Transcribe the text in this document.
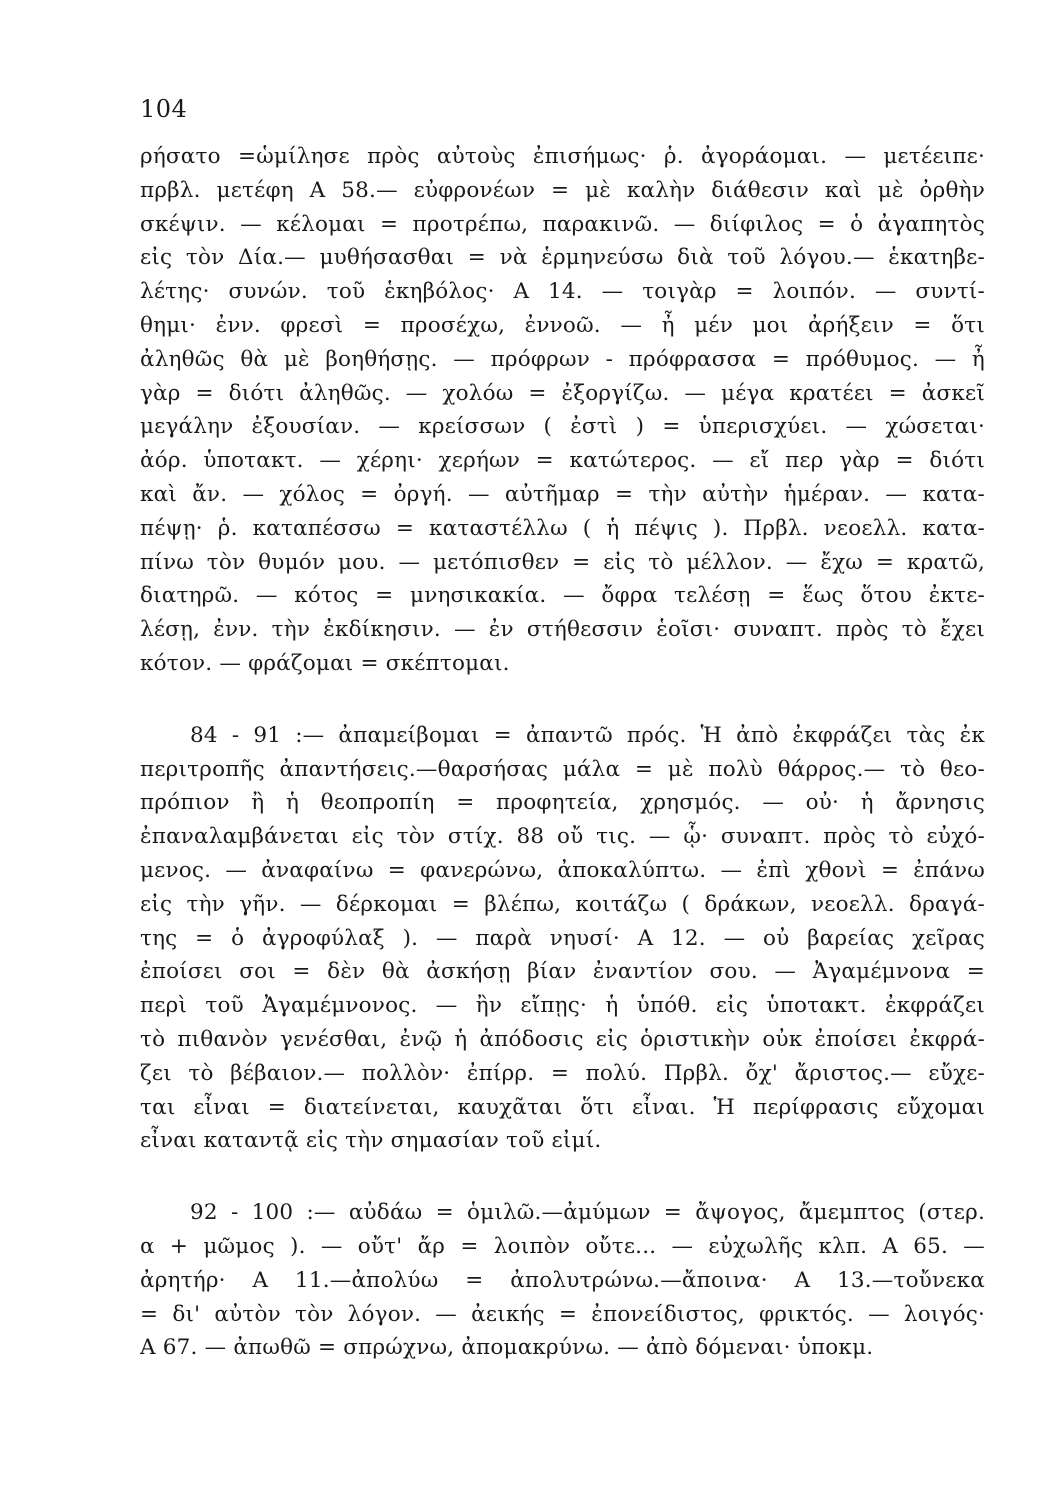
104
ρήσατο =ὡμίλησε πρὸς αὐτοὺς ἐπισήμως· ῥ. ἀγοράομαι. — μετέειπε·
πρβλ. μετέφη Α 58.— εὐφρονέων = μὲ καλὴν διάθεσιν καὶ μὲ ὀρθὴν
σκέψιν. — κέλομαι = προτρέπω, παρακινῶ. — διίφιλος = ὁ ἀγαπητὸς
εἰς τὸν Δία.— μυθήσασθαι = νὰ ἑρμηνεύσω διὰ τοῦ λόγου.— ἑκατηβε-
λέτης· συνών. τοῦ ἑκηβόλος· Α 14. — τοιγὰρ = λοιπόν. — συντί-
θημι· ἐνν. φρεσὶ = προσέχω, ἐννοῶ. — ἦ μέν μοι ἀρήξειν = ὅτι
ἀληθῶς θὰ μὲ βοηθήσῃς. — πρόφρων - πρόφρασσα = πρόθυμος. — ἦ
γὰρ = διότι ἀληθῶς. — χολόω = ἐξοργίζω. — μέγα κρατέει = ἀσκεῖ
μεγάλην ἐξουσίαν. — κρείσσων ( ἐστὶ ) = ὑπερισχύει. — χώσεται·
ἀόρ. ὑποτακτ. — χέρηι· χερήων = κατώτερος. — εἴ περ γὰρ = διότι
καὶ ἄν. — χόλος = ὀργή. — αὐτῆμαρ = τὴν αὐτὴν ἡμέραν. — κατα-
πέψῃ· ῥ. καταπέσσω = καταστέλλω ( ἡ πέψις ). Πρβλ. νεοελλ. κατα-
πίνω τὸν θυμόν μου. — μετόπισθεν = εἰς τὸ μέλλον. — ἔχω = κρατῶ,
διατηρῶ. — κότος = μνησικακία. — ὄφρα τελέσῃ = ἕως ὅτου ἐκτε-
λέσῃ, ἐνν. τὴν ἐκδίκησιν. — ἐν στήθεσσιν ἑοῖσι· συναπτ. πρὸς τὸ ἔχει
κότον. — φράζομαι = σκέπτομαι.
84 - 91 :— ἀπαμείβομαι = ἀπαντῶ πρός. Ἡ ἀπὸ ἐκφράζει τὰς ἐκ
περιτροπῆς ἀπαντήσεις.—θαρσήσας μάλα = μὲ πολὺ θάρρος.— τὸ θεο-
πρόπιον ἢ ἡ θεοπροπίη = προφητεία, χρησμός. — οὐ· ἡ ἄρνησις
ἐπαναλαμβάνεται εἰς τὸν στίχ. 88 οὔ τις. — ᾧ· συναπτ. πρὸς τὸ εὐχό-
μενος. — ἀναφαίνω = φανερώνω, ἀποκαλύπτω. — ἐπὶ χθονὶ = ἐπάνω
εἰς τὴν γῆν. — δέρκομαι = βλέπω, κοιτάζω ( δράκων, νεοελλ. δραγά-
της = ὁ ἀγροφύλαξ ). — παρὰ νηυσί· Α 12. — οὐ βαρείας χεῖρας
ἐποίσει σοι = δὲν θὰ ἀσκήσῃ βίαν ἐναντίον σου. — Ἀγαμέμνονα =
περὶ τοῦ Ἀγαμέμνονος. — ἢν εἴπῃς· ἡ ὑπόθ. εἰς ὑποτακτ. ἐκφράζει
τὸ πιθανὸν γενέσθαι, ἐνῷ ἡ ἀπόδοσις εἰς ὁριστικὴν οὐκ ἐποίσει ἐκφρά-
ζει τὸ βέβαιον.— πολλὸν· ἐπίρρ. = πολύ. Πρβλ. ὄχ' ἄριστος.— εὔχε-
ται εἶναι = διατείνεται, καυχᾶται ὅτι εἶναι. Ἡ περίφρασις εὔχομαι
εἶναι καταντᾷ εἰς τὴν σημασίαν τοῦ εἰμί.
92 - 100 :— αὐδάω = ὁμιλῶ.—ἀμύμων = ἄψογος, ἄμεμπτος (στερ.
α + μῶμος ). — οὔτ' ἄρ = λοιπὸν οὔτε... — εὐχωλῆς κλπ. Α 65. —
ἀρητήρ· Α 11.—ἀπολύω = ἀπολυτρώνω.—ἄποινα· Α 13.—τοὔνεκα
= δι' αὐτὸν τὸν λόγον. — ἀεικής = ἐπονείδιστος, φρικτός. — λοιγός·
Α 67. — ἀπωθῶ = σπρώχνω, ἀπομακρύνω. — ἀπὸ δόμεναι· ὑποκμ.
